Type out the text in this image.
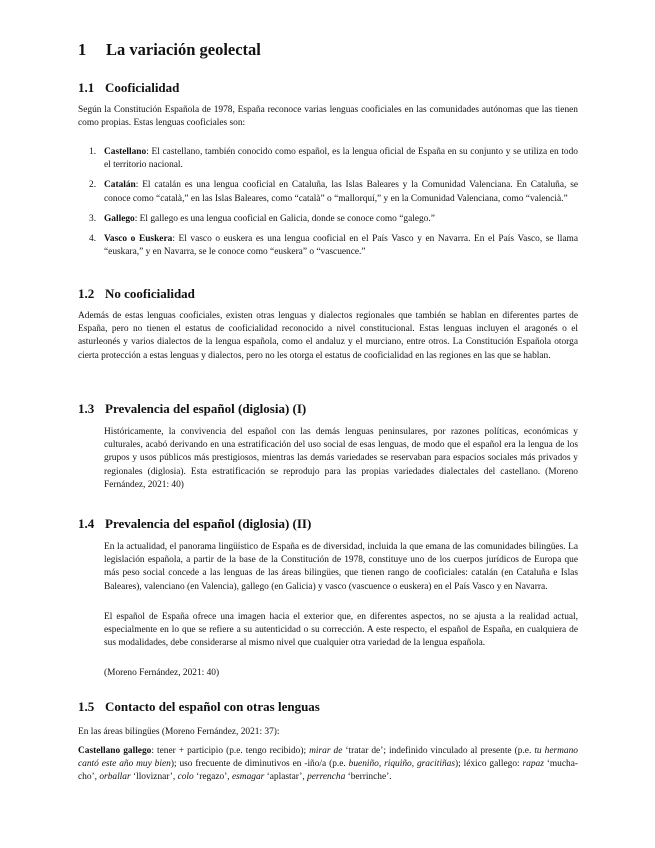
1 La variación geolectal
1.1 Cooficialidad

Según la Constitución Española de 1978, España reconoce varias lenguas cooficiales en las comunidades autónomas que las tienen como propias. Estas lenguas cooficiales son:

1. Castellano: El castellano, también conocido como español, es la lengua oficial de España en su conjunto y se utiliza en todo el territorio nacional.
2. Catalán: El catalán es una lengua cooficial en Cataluña, las Islas Baleares y la Comunidad Valenciana. En Cataluña, se conoce como “català,” en las Islas Baleares, como “català” o “mallorquí,” y en la Comunidad Valenciana, como “valencià.”
3. Gallego: El gallego es una lengua cooficial en Galicia, donde se conoce como “galego.”
4. Vasco o Euskera: El vasco o euskera es una lengua cooficial en el País Vasco y en Navarra. En el País Vasco, se llama “euskara,” y en Navarra, se le conoce como “euskera” o “vascuence.”
1.2 No cooficialidad

Además de estas lenguas cooficiales, existen otras lenguas y dialectos regionales que también se hablan en diferentes partes de España, pero no tienen el estatus de cooficialidad reconocido a nivel constitucional. Estas lenguas incluyen el aragonés o el asturleonés y varios dialectos de la lengua española, como el andaluz y el murciano, entre otros. La Constitución Española otorga cierta protección a estas lenguas y dialectos, pero no les otorga el estatus de cooficialidad en las regiones en las que se hablan.

1.3 Prevalencia del español (diglosia) (I)

Históricamente, la convivencia del español con las demás lenguas peninsulares, por razones políticas, económicas y culturales, acabó derivando en una estratificación del uso social de esas lenguas, de modo que el español era la lengua de los grupos y usos públicos más prestigiosos, mientras las demás variedades se reservaban para espacios sociales más privados y regionales (diglosia). Esta estratificación se reprodujo para las propias variedades dialectales del castellano. (Moreno Fernández, 2021: 40)

1.4 Prevalencia del español (diglosia) (II)

En la actualidad, el panorama lingüístico de España es de diversidad, incluida la que emana de las comunidades bilingües. La legislación española, a partir de la base de la Constitución de 1978, constituye uno de los cuerpos jurídicos de Europa que más peso social concede a las lenguas de las áreas bilingües, que tienen rango de cooficiales: catalán (en Cataluña e Islas Baleares), valenciano (en Valencia), gallego (en Galicia) y vasco (vascuence o euskera) en el País Vasco y en Navarra.

El español de España ofrece una imagen hacia el exterior que, en diferentes aspectos, no se ajusta a la realidad actual, especialmente en lo que se refiere a su autenticidad o su corrección. A este respecto, el español de España, en cualquiera de sus modalidades, debe considerarse al mismo nivel que cualquier otra variedad de la lengua española.

(Moreno Fernández, 2021: 40)

1.5 Contacto del español con otras lenguas

En las áreas bilingües (Moreno Fernández, 2021: 37):

Castellano gallego: tener + participio (p.e. tengo recibido); mirar de ‘tratar de’; indefinido vinculado al presente (p.e. tu hermano cantó este año muy bien); uso frecuente de diminutivos en -iño/a (p.e. bueniño, riquiño, gracitiñas); léxico gallego: rapaz ‘mucha-cho’, orballar ‘lloviznar’, colo ‘regazo’, esmagar ‘aplastar’, perrencha ‘berrinche’.
